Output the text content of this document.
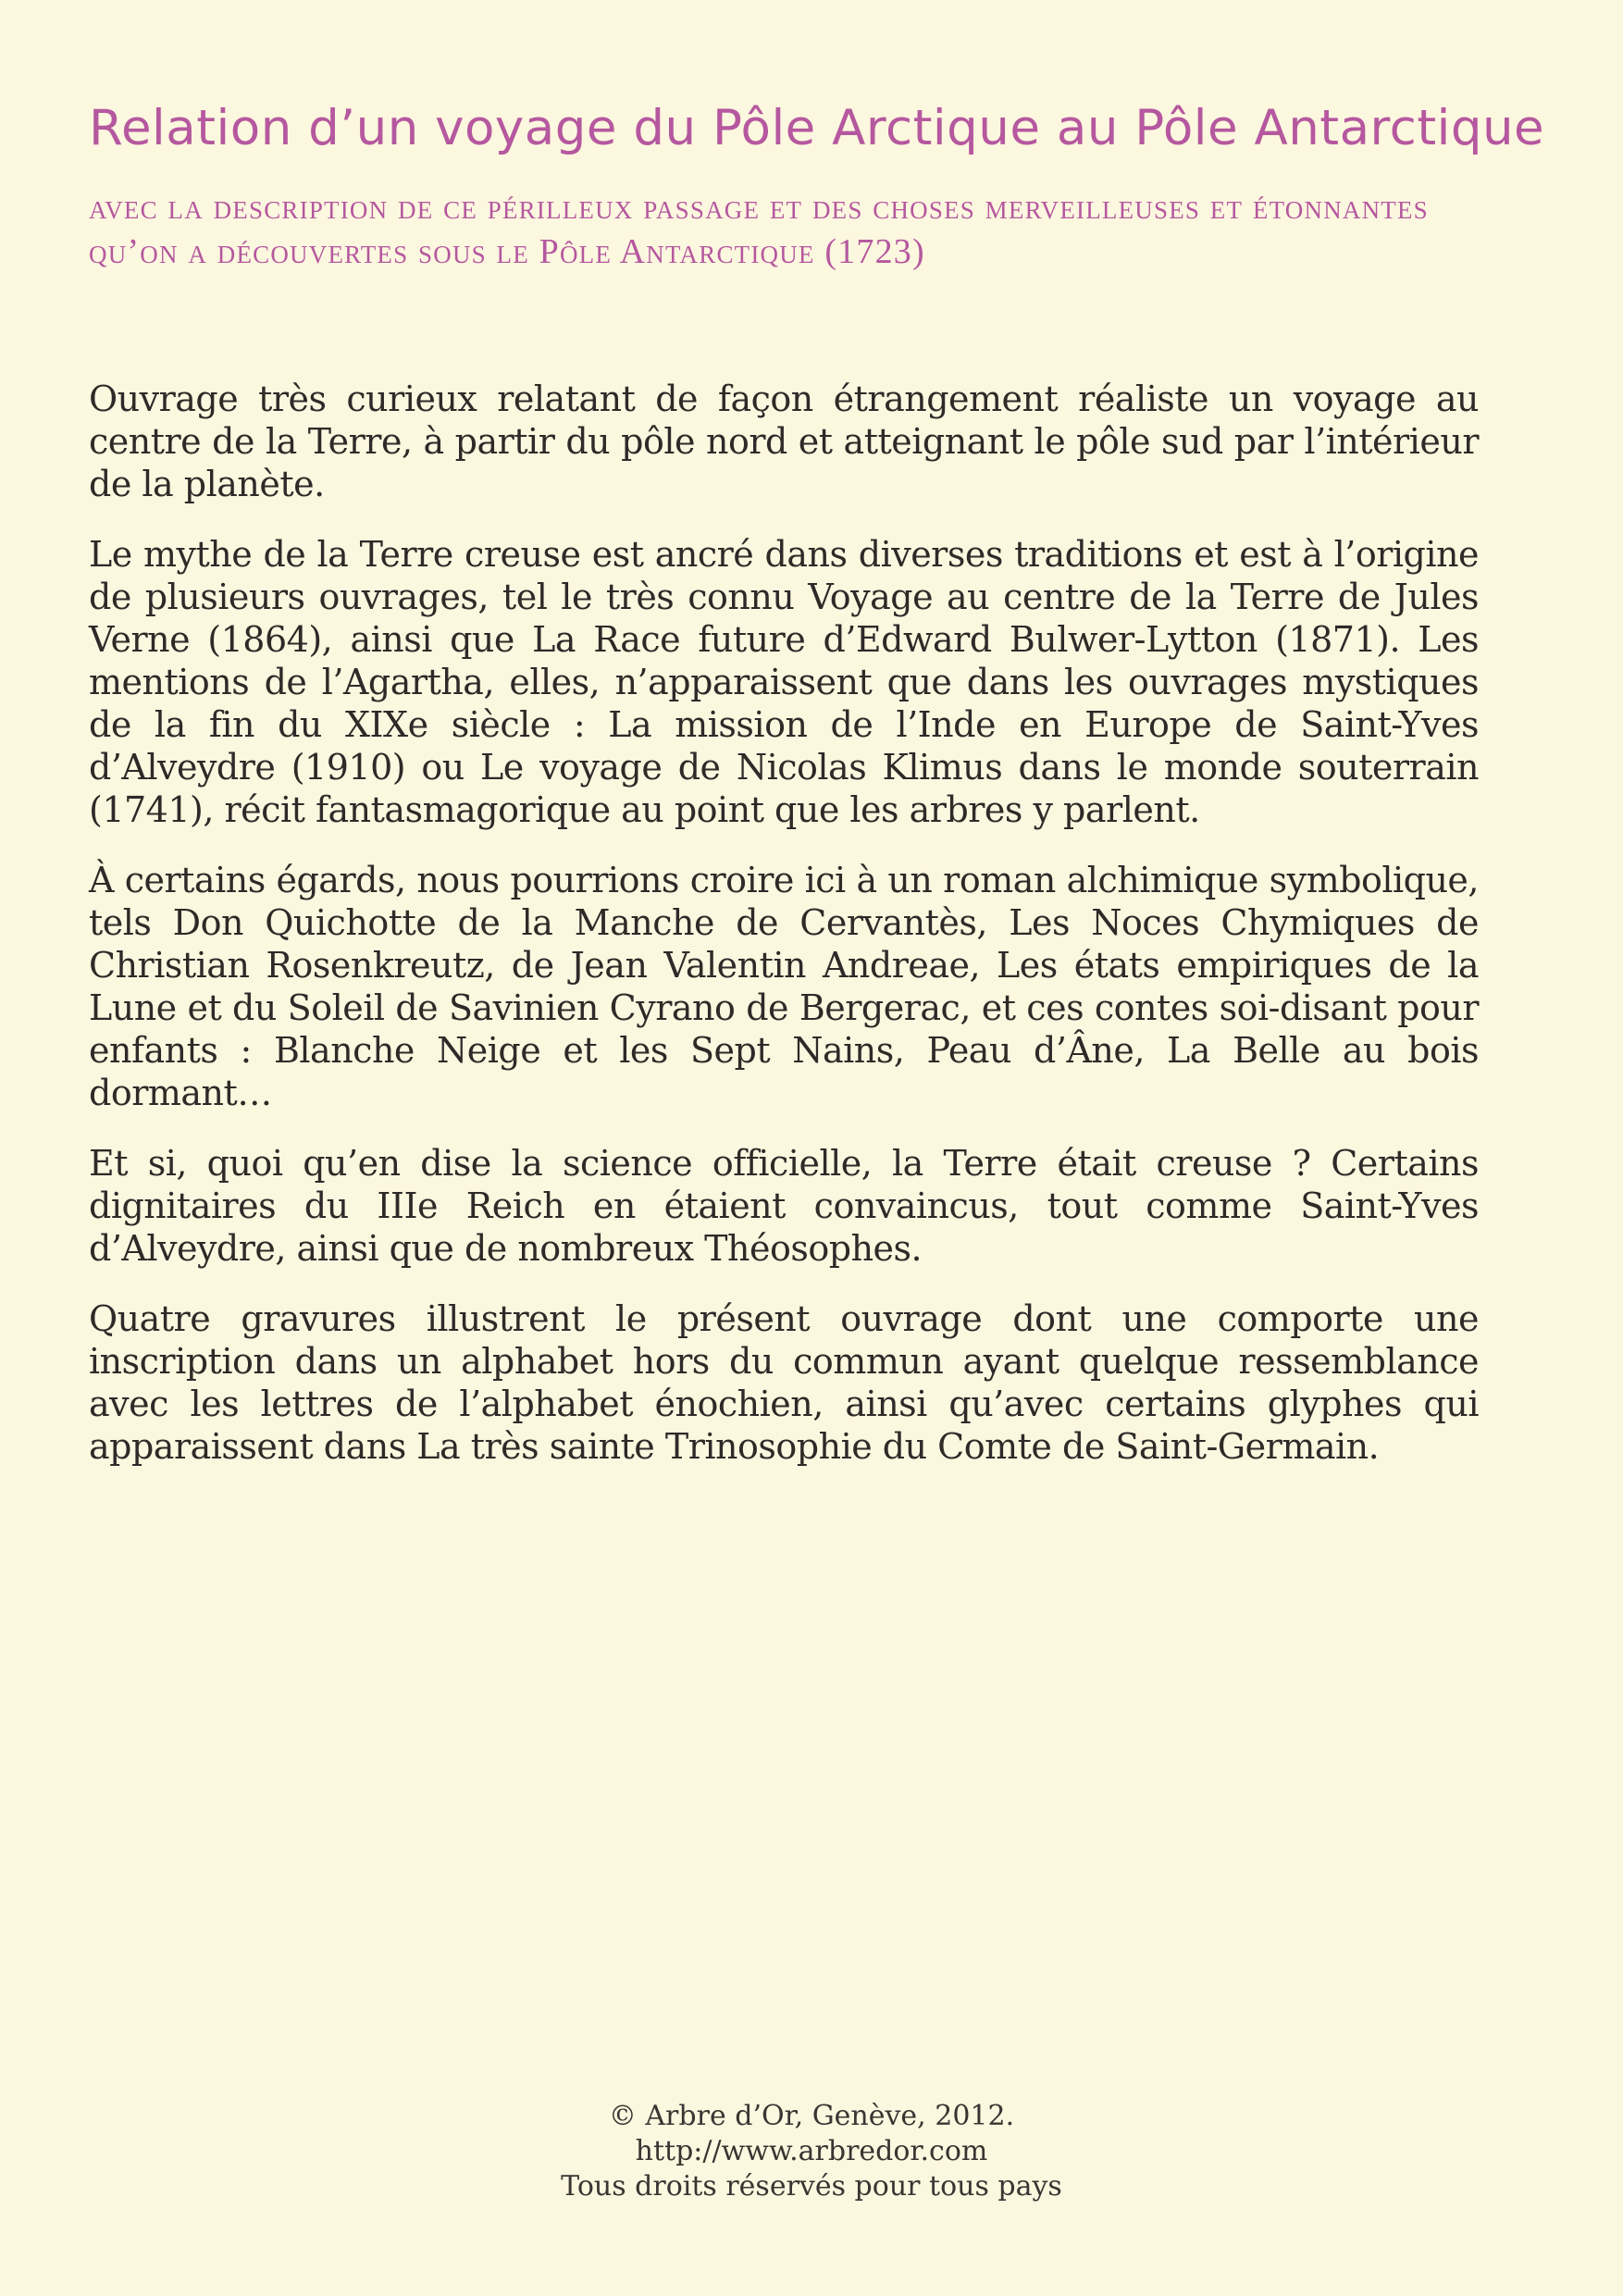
Relation d’un voyage du Pôle Arctique au Pôle Antarctique

avec la description de ce périlleux passage et des choses merveilleuses et étonnantes qu’on a découvertes sous le Pôle Antarctique (1723)

Ouvrage très curieux relatant de façon étrangement réaliste un voyage au centre de la Terre, à partir du pôle nord et atteignant le pôle sud par l’intérieur de la planète.

Le mythe de la Terre creuse est ancré dans diverses traditions et est à l’origine de plusieurs ouvrages, tel le très connu Voyage au centre de la Terre de Jules Verne (1864), ainsi que La Race future d’Edward Bulwer-Lytton (1871). Les mentions de l’Agartha, elles, n’apparaissent que dans les ouvrages mystiques de la fin du XIXe siècle : La mission de l’Inde en Europe de Saint-Yves d’Alveydre (1910) ou Le voyage de Nicolas Klimus dans le monde souterrain (1741), récit fantasmagorique au point que les arbres y parlent.

À certains égards, nous pourrions croire ici à un roman alchimique symbolique, tels Don Quichotte de la Manche de Cervantès, Les Noces Chymiques de Christian Rosenkreutz, de Jean Valentin Andreae, Les états empiriques de la Lune et du Soleil de Savinien Cyrano de Bergerac, et ces contes soi-disant pour enfants : Blanche Neige et les Sept Nains, Peau d’Âne, La Belle au bois dormant…

Et si, quoi qu’en dise la science officielle, la Terre était creuse ? Certains dignitaires du IIIe Reich en étaient convaincus, tout comme Saint-Yves d’Alveydre, ainsi que de nombreux Théosophes.

Quatre gravures illustrent le présent ouvrage dont une comporte une inscription dans un alphabet hors du commun ayant quelque ressemblance avec les lettres de l’alphabet énochien, ainsi qu’avec certains glyphes qui apparaissent dans La très sainte Trinosophie du Comte de Saint-Germain.

© Arbre d’Or, Genève, 2012.
http://www.arbredor.com
Tous droits réservés pour tous pays
